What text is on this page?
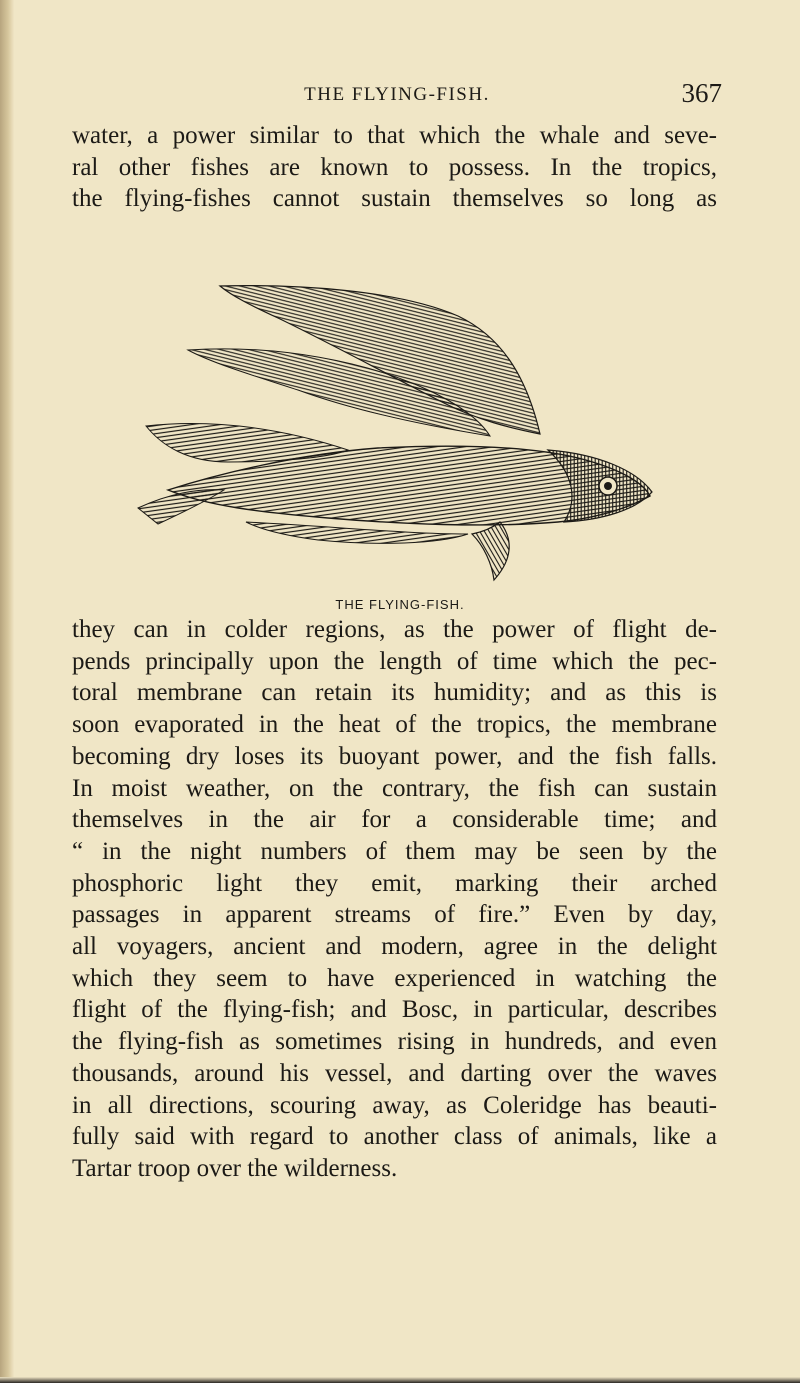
THE FLYING-FISH.	367

water, a power similar to that which the whale and seve-
ral other fishes are known to possess. In the tropics,
the flying-fishes cannot sustain themselves so long as

THE FLYING-FISH.

they can in colder regions, as the power of flight de-
pends principally upon the length of time which the pec-
toral membrane can retain its humidity; and as this is
soon evaporated in the heat of the tropics, the membrane
becoming dry loses its buoyant power, and the fish falls.
In moist weather, on the contrary, the fish can sustain
themselves in the air for a considerable time; and
“ in the night numbers of them may be seen by the
phosphoric light they emit, marking their arched
passages in apparent streams of fire.” Even by day,
all voyagers, ancient and modern, agree in the delight
which they seem to have experienced in watching the
flight of the flying-fish; and Bosc, in particular, describes
the flying-fish as sometimes rising in hundreds, and even
thousands, around his vessel, and darting over the waves
in all directions, scouring away, as Coleridge has beauti-
fully said with regard to another class of animals, like a
Tartar troop over the wilderness.
